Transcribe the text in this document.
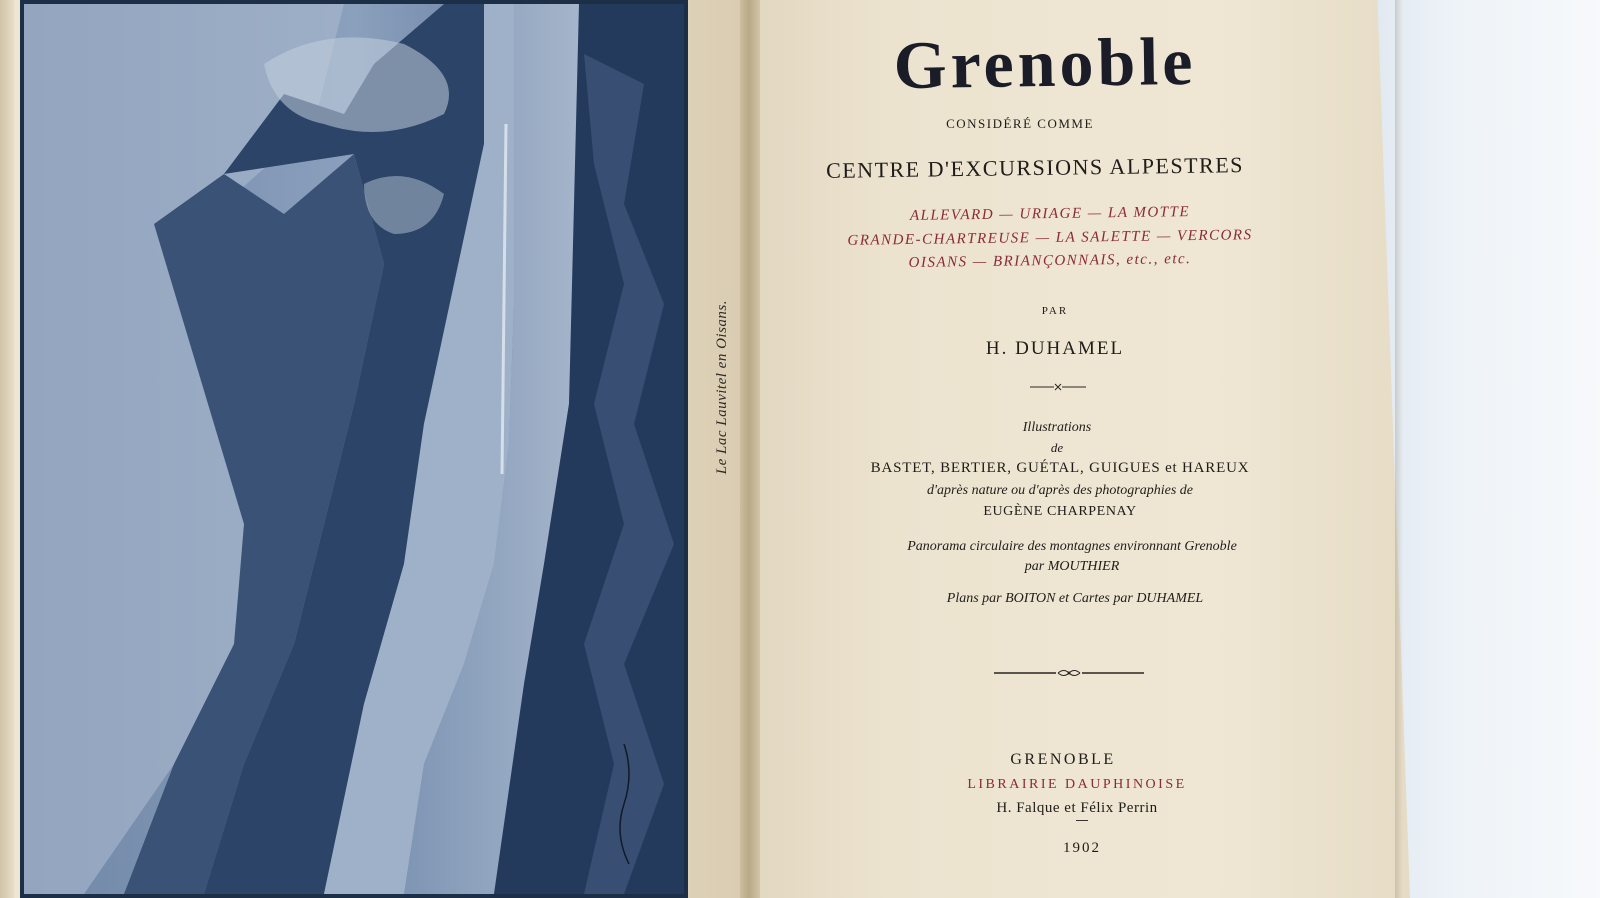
Le Lac Lauvitel en Oisans.
Grenoble
CONSIDÉRÉ COMME
CENTRE D'EXCURSIONS ALPESTRES
ALLEVARD — URIAGE — LA MOTTE
GRANDE-CHARTREUSE — LA SALETTE — VERCORS
OISANS — BRIANÇONNAIS, etc., etc.
PAR
H. DUHAMEL
Illustrations
de
BASTET, BERTIER, GUÉTAL, GUIGUES et HAREUX
d'après nature ou d'après des photographies de
EUGÈNE CHARPENAY
Panorama circulaire des montagnes environnant Grenoble
par MOUTHIER
Plans par BOITON et Cartes par DUHAMEL
GRENOBLE
LIBRAIRIE DAUPHINOISE
H. Falque et Félix Perrin
1902
